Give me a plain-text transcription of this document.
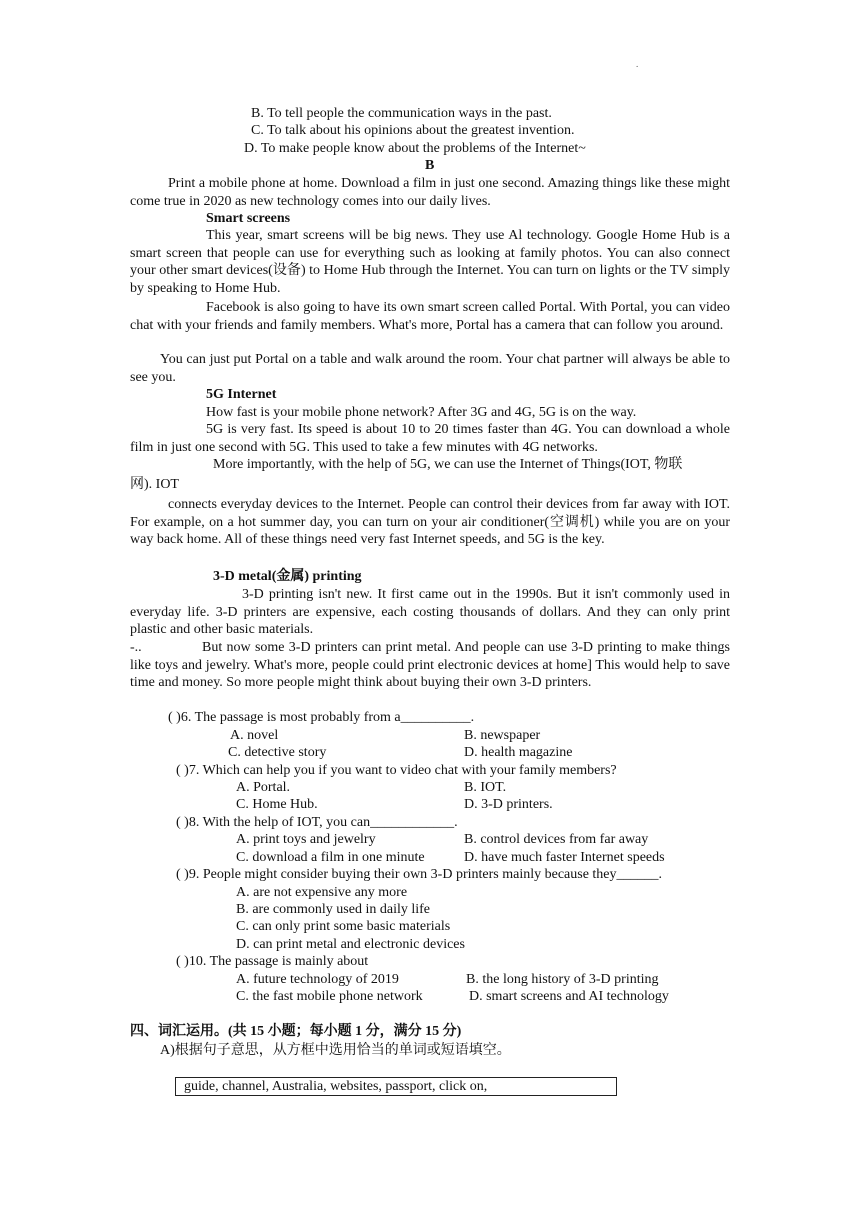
.
B. To tell people the communication ways in the past.
C. To talk about his opinions about the greatest invention.
D. To make people know about the problems of the Internet~
B
Print a mobile phone at home. Download a film in just one second. Amazing things like these might come true in 2020 as new technology comes into our daily lives.
Smart screens
This year, smart screens will be big news. They use Al technology. Google Home Hub is a smart screen that people can use for everything such as looking at family photos. You can also connect your other smart devices(设备) to Home Hub through the Internet. You can turn on lights or the TV simply by speaking to Home Hub.
Facebook is also going to have its own smart screen called Portal. With Portal, you can video chat with your friends and family members. What's more, Portal has a camera that can follow you around.
You can just put Portal on a table and walk around the room. Your chat partner will always be able to see you.
5G Internet
How fast is your mobile phone network? After 3G and 4G, 5G is on the way.
5G is very fast. Its speed is about 10 to 20 times faster than 4G. You can download a whole film in just one second with 5G. This used to take a few minutes with 4G networks.
More importantly, with the help of 5G, we can use the Internet of Things(IOT, 物联
网). IOT
connects everyday devices to the Internet. People can control their devices from far away with IOT. For example, on a hot summer day, you can turn on your air conditioner(空调机) while you are on your way back home. All of these things need very fast Internet speeds, and 5G is the key.
3-D metal(金属) printing
3-D printing isn't new. It first came out in the 1990s. But it isn't commonly used in everyday life. 3-D printers are expensive, each costing thousands of dollars. And they can only print plastic and other basic materials.
-..	But now some 3-D printers can print metal. And people can use 3-D printing to make things like toys and jewelry. What's more, people could print electronic devices at home] This would help to save time and money. So more people might think about buying their own 3-D printers.
( )6. The passage is most probably from a__________.
A. novel	B. newspaper
C. detective story	D. health magazine
( )7. Which can help you if you want to video chat with your family members?
A. Portal.	B. IOT.
C. Home Hub.	D. 3-D printers.
( )8. With the help of IOT, you can____________.
A. print toys and jewelry	B. control devices from far away
C. download a film in one minute	D. have much faster Internet speeds
( )9. People might consider buying their own 3-D printers mainly because they______.
A. are not expensive any more
B. are commonly used in daily life
C. can only print some basic materials
D. can print metal and electronic devices
( )10. The passage is mainly about
A. future technology of 2019	B. the long history of 3-D printing
C. the fast mobile phone network	D. smart screens and AI technology
四、词汇运用。(共 15 小题；每小题 1 分，满分 15 分)
A)根据句子意思，从方框中选用恰当的单词或短语填空。
guide, channel, Australia, websites, passport, click on,
